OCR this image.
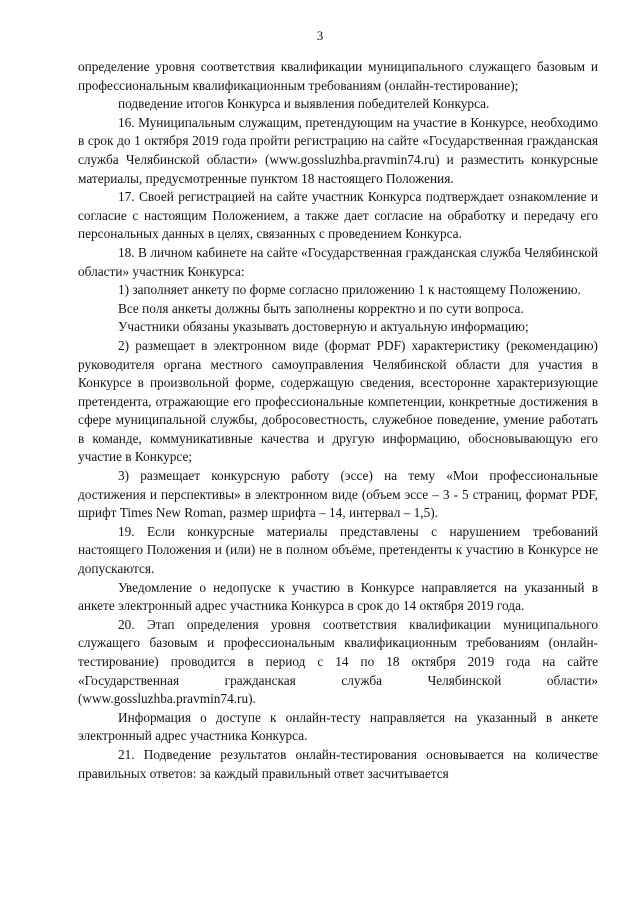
3

определение уровня соответствия квалификации муниципального служащего базовым и профессиональным квалификационным требованиям (онлайн-тестирование);

подведение итогов Конкурса и выявления победителей Конкурса.

16. Муниципальным служащим, претендующим на участие в Конкурсе, необходимо в срок до 1 октября 2019 года пройти регистрацию на сайте «Государственная гражданская служба Челябинской области» (www.gossluzhba.pravmin74.ru) и разместить конкурсные материалы, предусмотренные пунктом 18 настоящего Положения.

17. Своей регистрацией на сайте участник Конкурса подтверждает ознакомление и согласие с настоящим Положением, а также дает согласие на обработку и передачу его персональных данных в целях, связанных с проведением Конкурса.

18. В личном кабинете на сайте «Государственная гражданская служба Челябинской области» участник Конкурса:

1) заполняет анкету по форме согласно приложению 1 к настоящему Положению.

Все поля анкеты должны быть заполнены корректно и по сути вопроса.

Участники обязаны указывать достоверную и актуальную информацию;

2) размещает в электронном виде (формат PDF) характеристику (рекомендацию) руководителя органа местного самоуправления Челябинской области для участия в Конкурсе в произвольной форме, содержащую сведения, всесторонне характеризующие претендента, отражающие его профессиональные компетенции, конкретные достижения в сфере муниципальной службы, добросовестность, служебное поведение, умение работать в команде, коммуникативные качества и другую информацию, обосновывающую его участие в Конкурсе;

3) размещает конкурсную работу (эссе) на тему «Мои профессиональные достижения и перспективы» в электронном виде (объем эссе – 3 - 5 страниц, формат PDF, шрифт Times New Roman, размер шрифта – 14, интервал – 1,5).

19. Если конкурсные материалы представлены с нарушением требований настоящего Положения и (или) не в полном объёме, претенденты к участию в Конкурсе не допускаются.

Уведомление о недопуске к участию в Конкурсе направляется на указанный в анкете электронный адрес участника Конкурса в срок до 14 октября 2019 года.

20. Этап определения уровня соответствия квалификации муниципального служащего базовым и профессиональным квалификационным требованиям (онлайн-тестирование) проводится в период с 14 по 18 октября 2019 года на сайте «Государственная гражданская служба Челябинской области» (www.gossluzhba.pravmin74.ru).

Информация о доступе к онлайн-тесту направляется на указанный в анкете электронный адрес участника Конкурса.

21. Подведение результатов онлайн-тестирования основывается на количестве правильных ответов: за каждый правильный ответ засчитывается
